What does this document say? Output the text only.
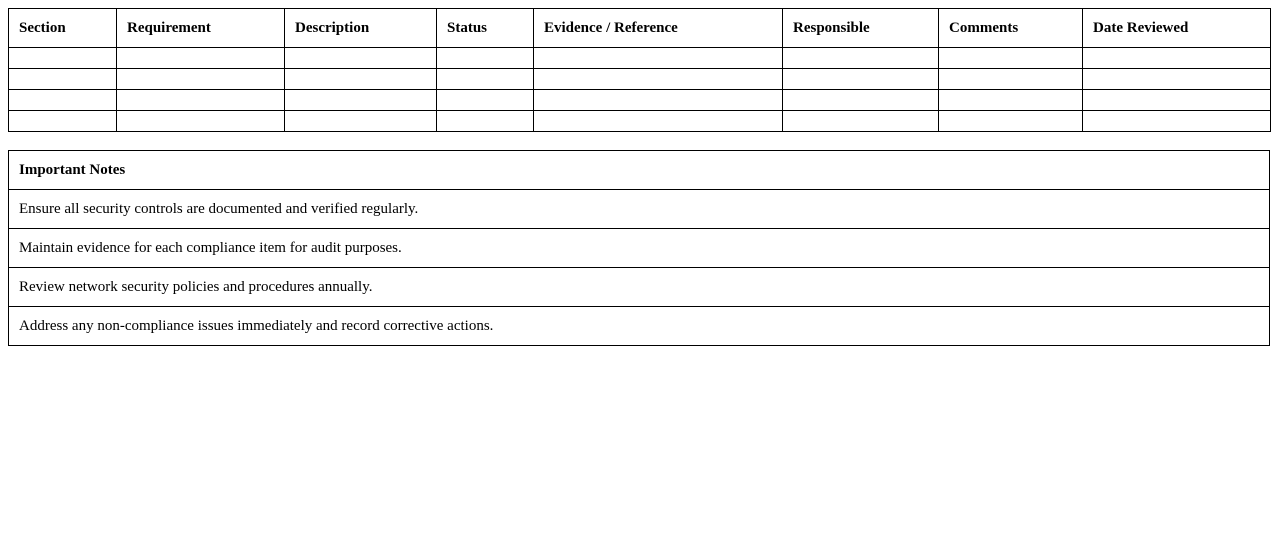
Section	Requirement	Description	Status	Evidence / Reference	Responsible	Comments	Date Reviewed

Important Notes
Ensure all security controls are documented and verified regularly.
Maintain evidence for each compliance item for audit purposes.
Review network security policies and procedures annually.
Address any non-compliance issues immediately and record corrective actions.
